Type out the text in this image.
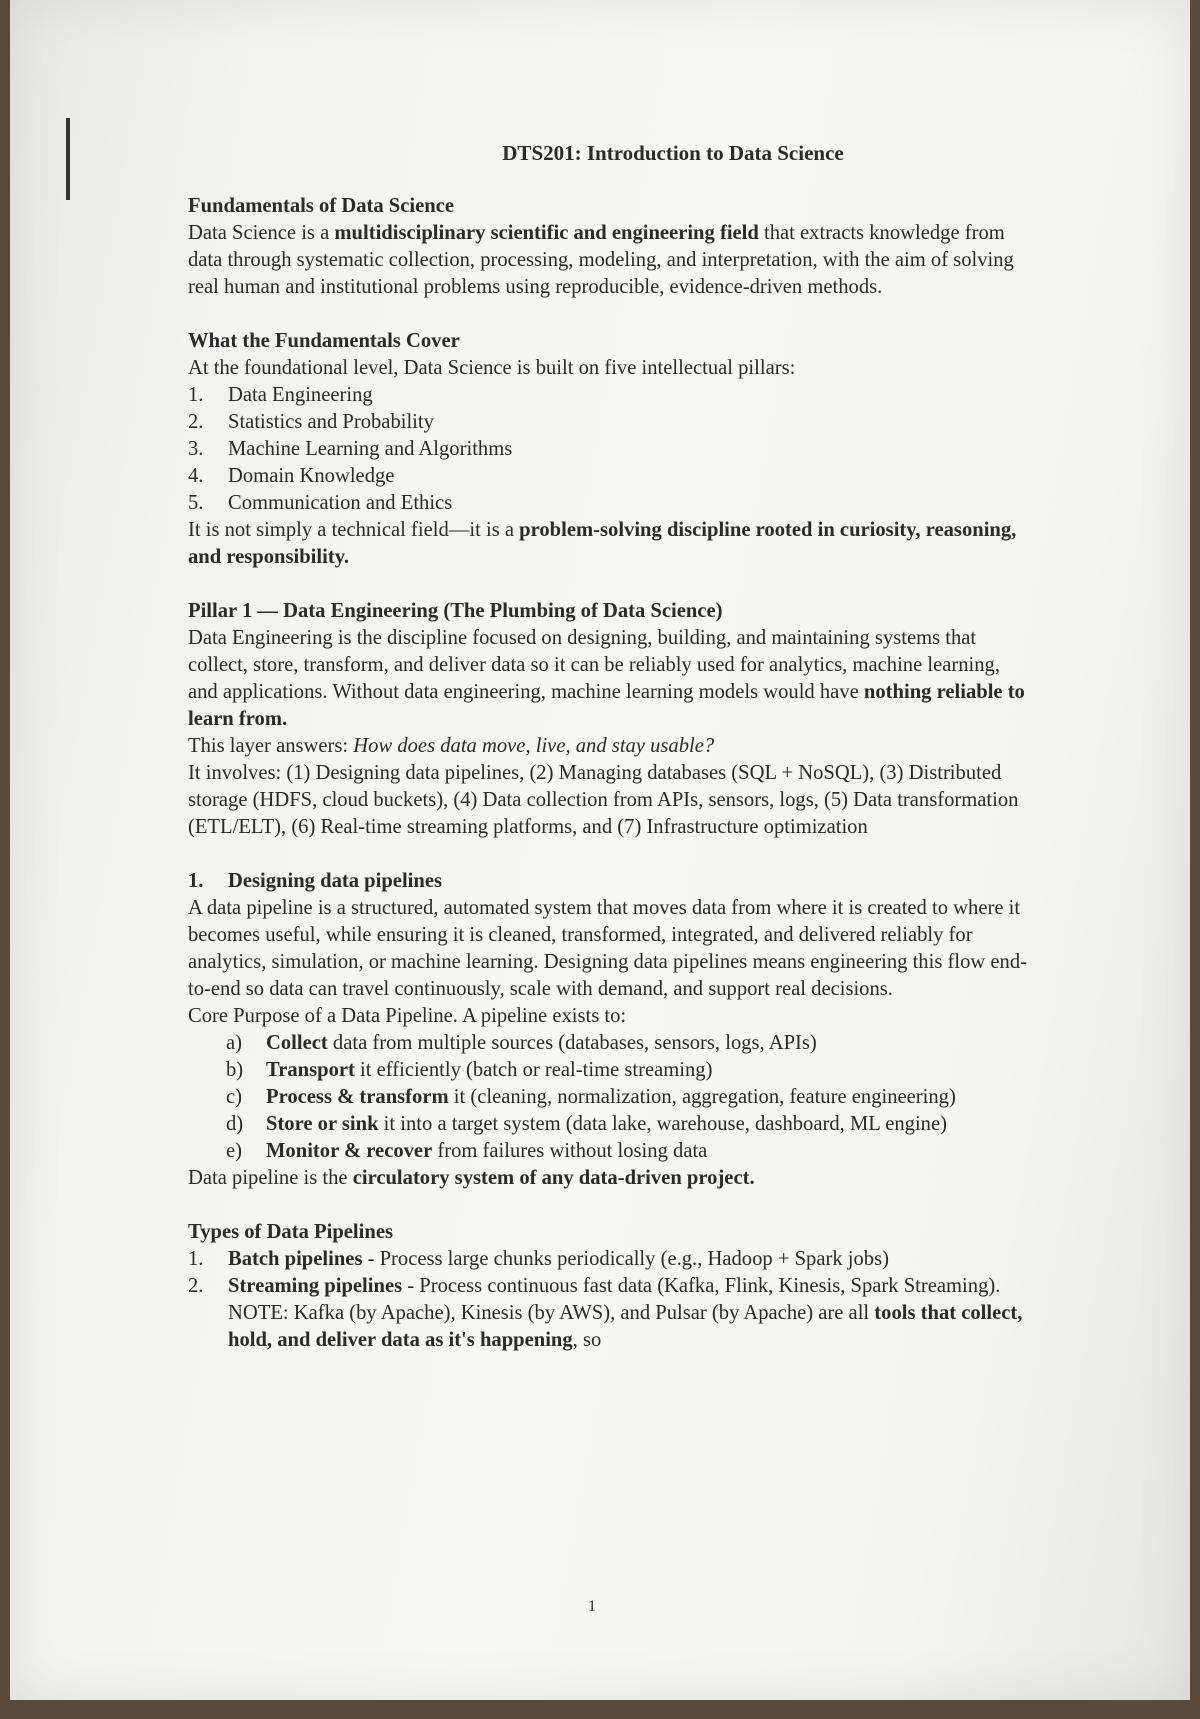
DTS201: Introduction to Data Science

Fundamentals of Data Science

Data Science is a multidisciplinary scientific and engineering field that extracts knowledge from data through systematic collection, processing, modeling, and interpretation, with the aim of solving real human and institutional problems using reproducible, evidence-driven methods.

What the Fundamentals Cover

At the foundational level, Data Science is built on five intellectual pillars:

1.	Data Engineering
2.	Statistics and Probability
3.	Machine Learning and Algorithms
4.	Domain Knowledge
5.	Communication and Ethics

It is not simply a technical field—it is a problem-solving discipline rooted in curiosity, reasoning, and responsibility.

Pillar 1 — Data Engineering (The Plumbing of Data Science)

Data Engineering is the discipline focused on designing, building, and maintaining systems that collect, store, transform, and deliver data so it can be reliably used for analytics, machine learning, and applications. Without data engineering, machine learning models would have nothing reliable to learn from.

This layer answers: How does data move, live, and stay usable?

It involves: (1) Designing data pipelines, (2) Managing databases (SQL + NoSQL), (3) Distributed storage (HDFS, cloud buckets), (4) Data collection from APIs, sensors, logs, (5) Data transformation (ETL/ELT), (6) Real-time streaming platforms, and (7) Infrastructure optimization

1.	Designing data pipelines

A data pipeline is a structured, automated system that moves data from where it is created to where it becomes useful, while ensuring it is cleaned, transformed, integrated, and delivered reliably for analytics, simulation, or machine learning. Designing data pipelines means engineering this flow end-to-end so data can travel continuously, scale with demand, and support real decisions.

Core Purpose of a Data Pipeline. A pipeline exists to:

a)	Collect data from multiple sources (databases, sensors, logs, APIs)
b)	Transport it efficiently (batch or real-time streaming)
c)	Process & transform it (cleaning, normalization, aggregation, feature engineering)
d)	Store or sink it into a target system (data lake, warehouse, dashboard, ML engine)
e)	Monitor & recover from failures without losing data

Data pipeline is the circulatory system of any data-driven project.

Types of Data Pipelines

1.	Batch pipelines - Process large chunks periodically (e.g., Hadoop + Spark jobs)
2.	Streaming pipelines - Process continuous fast data (Kafka, Flink, Kinesis, Spark Streaming). NOTE: Kafka (by Apache), Kinesis (by AWS), and Pulsar (by Apache) are all tools that collect, hold, and deliver data as it's happening, so
1
